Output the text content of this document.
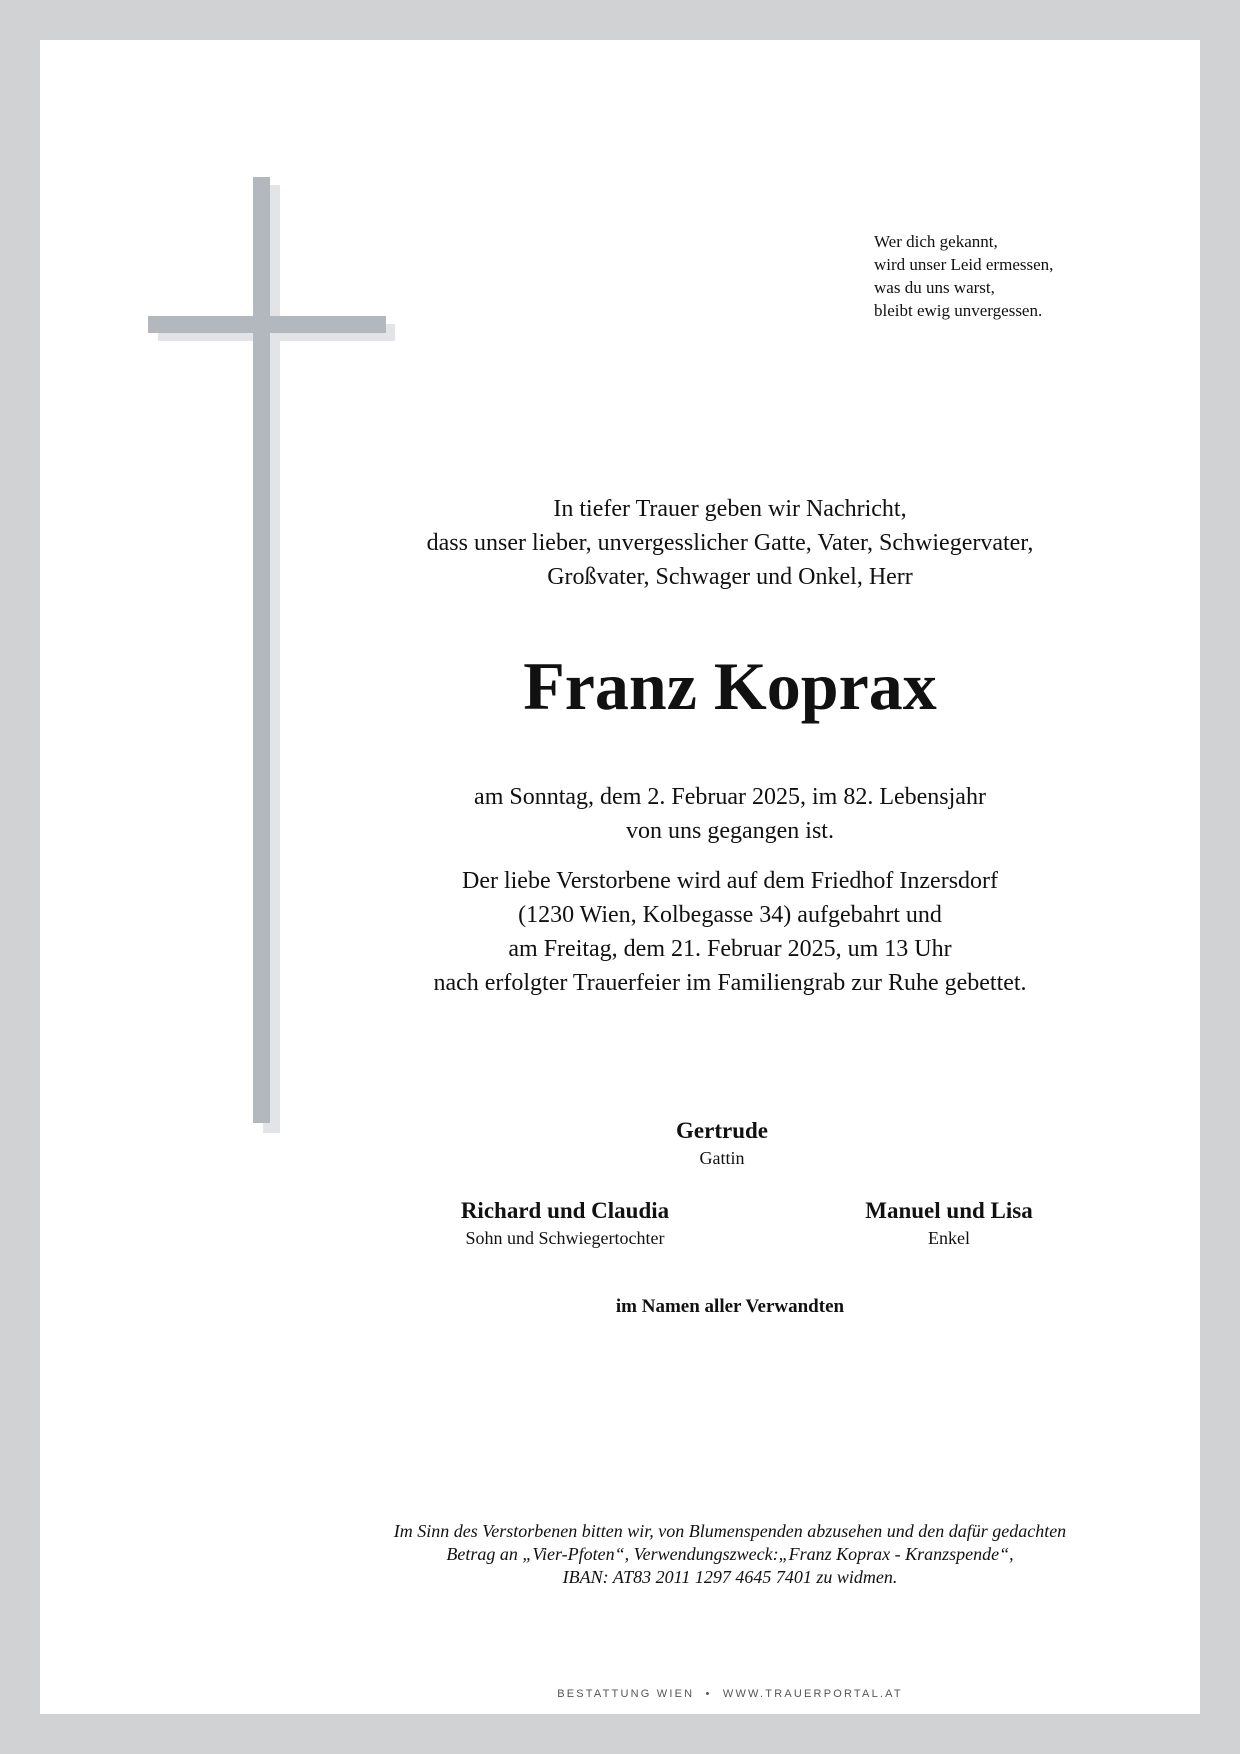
Wer dich gekannt,
wird unser Leid ermessen,
was du uns warst,
bleibt ewig unvergessen.
In tiefer Trauer geben wir Nachricht,
dass unser lieber, unvergesslicher Gatte, Vater, Schwiegervater,
Großvater, Schwager und Onkel, Herr
Franz Koprax
am Sonntag, dem 2. Februar 2025, im 82. Lebensjahr
von uns gegangen ist.
Der liebe Verstorbene wird auf dem Friedhof Inzersdorf
(1230 Wien, Kolbegasse 34) aufgebahrt und
am Freitag, dem 21. Februar 2025, um 13 Uhr
nach erfolgter Trauerfeier im Familiengrab zur Ruhe gebettet.
Gertrude
Gattin
Richard und Claudia
Sohn und Schwiegertochter
Manuel und Lisa
Enkel
im Namen aller Verwandten
Im Sinn des Verstorbenen bitten wir, von Blumenspenden abzusehen und den dafür gedachten
Betrag an „Vier-Pfoten“, Verwendungszweck:„Franz Koprax - Kranzspende“,
IBAN: AT83 2011 1297 4645 7401 zu widmen.
BESTATTUNG WIEN • WWW.TRAUERPORTAL.AT
